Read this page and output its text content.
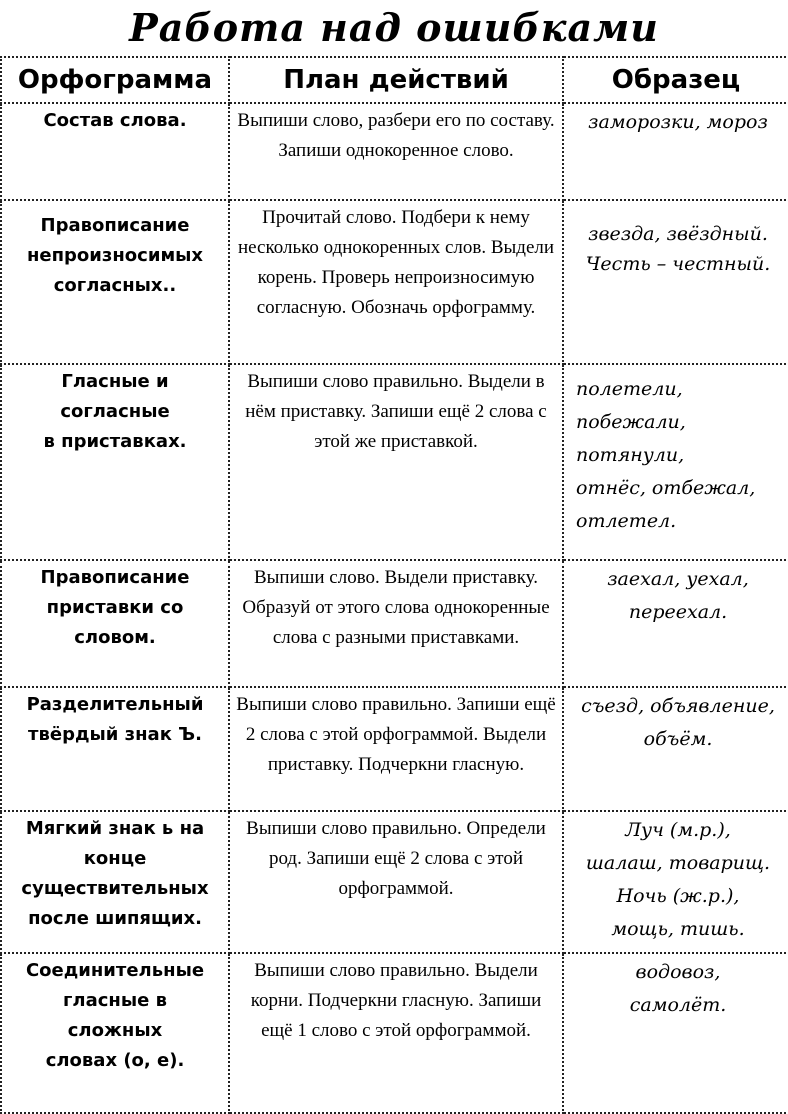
Работа над ошибками
Орфограмма	План действий	Образец

Состав слова.	Выпиши слово, разбери его по составу. Запиши однокоренное слово.	заморозки, мороз

Правописание
непроизносимых
согласных..	Прочитай слово. Подбери к нему несколько однокоренных слов. Выдели корень. Проверь непроизносимую согласную. Обозначь орфограмму.	звезда, звёздный.
Честь – честный.

Гласные и
согласные
в приставках.	Выпиши слово правильно. Выдели в нём приставку. Запиши ещё 2 слова с этой же приставкой.	полетели,
побежали,
потянули,
отнёс, отбежал,
отлетел.

Правописание
приставки со
словом.	Выпиши слово. Выдели приставку. Образуй от этого слова однокоренные слова с разными приставками.	заехал, уехал,
переехал.

Разделительный
твёрдый знак Ъ.	Выпиши слово правильно. Запиши ещё 2 слова с этой орфограммой. Выдели приставку. Подчеркни гласную.	съезд, объявление,
объём.

Мягкий знак ь на
конце
существительных
после шипящих.	Выпиши слово правильно. Определи род. Запиши ещё 2 слова с этой орфограммой.	Луч (м.р.),
шалаш, товарищ.
Ночь (ж.р.),
мощь, тишь.

Соединительные
гласные в
сложных
словах (о, е).	Выпиши слово правильно. Выдели корни. Подчеркни гласную. Запиши ещё 1 слово с этой орфограммой.	водовоз,
самолёт.
